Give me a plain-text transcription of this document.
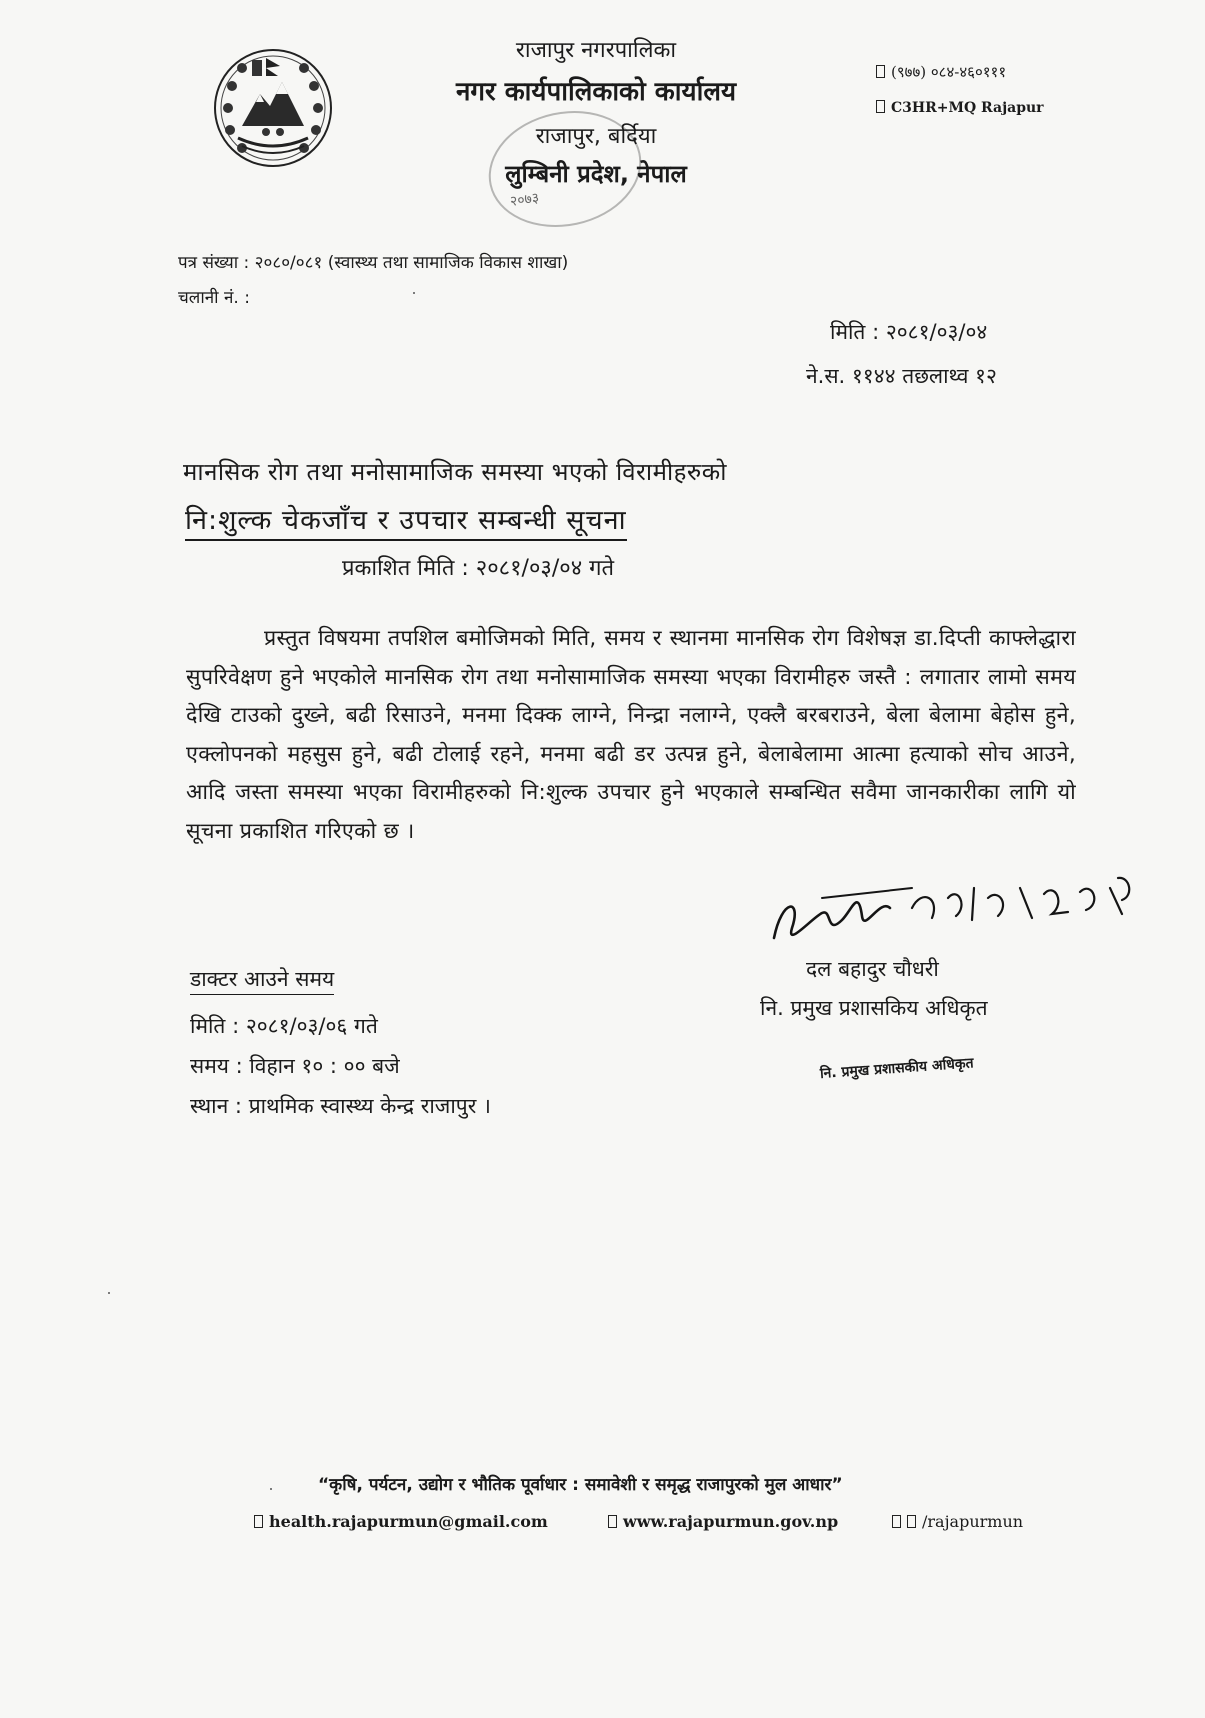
राजापुर नगरपालिका
नगर कार्यपालिकाको कार्यालय
राजापुर, बर्दिया
लुम्बिनी प्रदेश, नेपाल
२०७३
(९७७) ०८४-४६०१११
C3HR+MQ Rajapur
पत्र संख्या : २०८०/०८१ (स्वास्थ्य तथा सामाजिक विकास शाखा)
चलानी नं. :
मिति : २०८१/०३/०४
ने.स. ११४४ तछलाथ्व १२
मानसिक रोग तथा मनोसामाजिक समस्या भएको विरामीहरुको
नि:शुल्क चेकजाँच र उपचार सम्बन्धी सूचना
प्रकाशित मिति : २०८१/०३/०४ गते
प्रस्तुत विषयमा तपशिल बमोजिमको मिति, समय र स्थानमा मानसिक रोग विशेषज्ञ डा.दिप्ती काफ्लेद्धारा सुपरिवेक्षण हुने भएकोले मानसिक रोग तथा मनोसामाजिक समस्या भएका विरामीहरु जस्तै : लगातार लामो समय देखि टाउको दुख्ने, बढी रिसाउने, मनमा दिक्क लाग्ने, निन्द्रा नलाग्ने, एक्लै बरबराउने, बेला बेलामा बेहोस हुने, एक्लोपनको महसुस हुने, बढी टोलाई रहने, मनमा बढी डर उत्पन्न हुने, बेलाबेलामा आत्मा हत्याको सोच आउने, आदि जस्ता समस्या भएका विरामीहरुको नि:शुल्क उपचार हुने भएकाले सम्बन्धित सवैमा जानकारीका लागि यो सूचना प्रकाशित गरिएको छ ।
दल बहादुर चौधरी
नि. प्रमुख प्रशासकिय अधिकृत
नि. प्रमुख प्रशासकीय अधिकृत
डाक्टर आउने समय
मिति : २०८१/०३/०६ गते
समय : विहान १० : ०० बजे
स्थान : प्राथमिक स्वास्थ्य केन्द्र राजापुर ।
“कृषि, पर्यटन, उद्योग र भौतिक पूर्वाधार : समावेशी र समृद्ध राजापुरको मुल आधार”
health.rajapurmun@gmail.com	www.rajapurmun.gov.np	/rajapurmun
